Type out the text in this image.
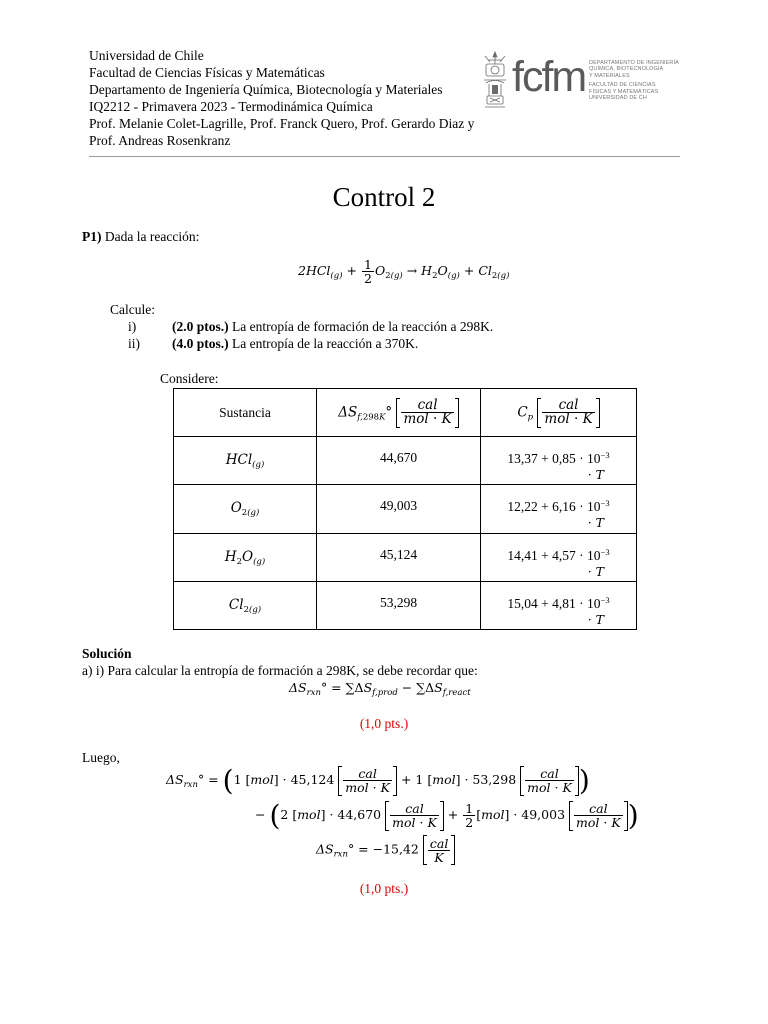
Universidad de Chile
Facultad de Ciencias Físicas y Matemáticas
Departamento de Ingeniería Química, Biotecnología y Materiales
IQ2212 - Primavera 2023 - Termodinámica Química
Prof. Melanie Colet-Lagrille, Prof. Franck Quero, Prof. Gerardo Diaz y
Prof. Andreas Rosenkranz
fcfm DEPARTAMENTO DE INGENIERÍA
QUÍMICA, BIOTECNOLOGÍA
Y MATERIALES
FACULTAD DE CIENCIAS
FÍSICAS Y MATEMÁTICAS
UNIVERSIDAD DE CH
Control 2
P1) Dada la reacción:
$2HCl_{(g)} + \frac{1}{2} O_{2(g)} \to H_2O_{(g)} + Cl_{2(g)}$
Calcule:
i)	(2.0 ptos.) La entropía de formación de la reacción a 298K.
ii) (4.0 ptos.) La entropía de la reacción a 370K.
Considere:
Sustancia	$\Delta S_{f,298K}^\circ \frac{\text{cal}}{\text{mol · K}}$	$C_p \frac{\text{cal}}{\text{mol · K}}$

HCl$_{(g)}$	44,670	$13,37 + 0,85 \cdot 10^{-3}$
· T

$O_{2(g)}$	49,003	$12,22 + 6,16 \cdot 10^{-3}$
· T

$H_2O_{(g)}$	45,124	$14,41 + 4,57 \cdot 10^{-3}$
· T

$Cl_{2(g)}$	53,298	$15,04 + 4,81 \cdot 10^{-3}$
· T
Solución
a) i) Para calcular la entropía de formación a 298K, se debe recordar que:
$\Delta S_{rxn}^\circ = \sum\Delta S_{f,prod} - \sum\Delta S_{f,react}$
(1,0 pts.)
Luego,
$\Delta S_{rxn}^\circ = (1$ $[mol] \cdot 45,124 \frac{\text{cal}}{\text{mol · K}} + 1$ $[mol] \cdot 53,298 \frac{\text{cal}}{\text{mol · K}}$ )
− (2 $[mol] \cdot 44,670 \frac{\text{cal}}{\text{mol · K}} + \frac{1}{2} [mol] \cdot 49,003 \frac{\text{cal}}{\text{mol · K}}$ )
$\Delta S_{rxn}^\circ = -15,42 \frac{\text{cal}}{K}$
(1,0 pts.)
